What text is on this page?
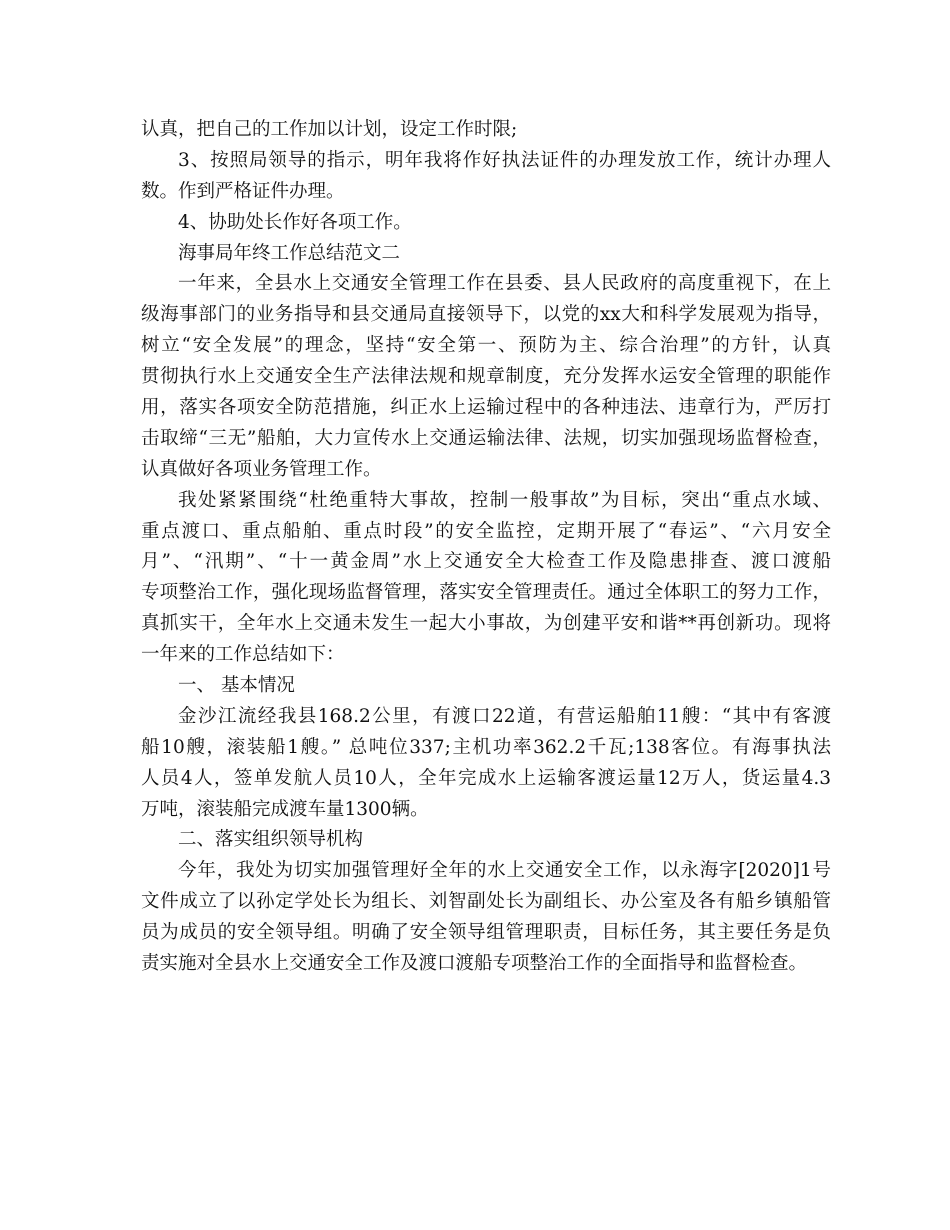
认真，把自己的工作加以计划，设定工作时限;
3、按照局领导的指示，明年我将作好执法证件的办理发放工作，统计办理人
数。作到严格证件办理。
4、协助处长作好各项工作。
海事局年终工作总结范文二
一年来，全县水上交通安全管理工作在县委、县人民政府的高度重视下，在上
级海事部门的业务指导和县交通局直接领导下，以党的xx大和科学发展观为指导，
树立“安全发展”的理念，坚持“安全第一、预防为主、综合治理”的方针，认真
贯彻执行水上交通安全生产法律法规和规章制度，充分发挥水运安全管理的职能作
用，落实各项安全防范措施，纠正水上运输过程中的各种违法、违章行为，严厉打
击取缔“三无”船舶，大力宣传水上交通运输法律、法规，切实加强现场监督检查，
认真做好各项业务管理工作。
我处紧紧围绕“杜绝重特大事故，控制一般事故”为目标，突出“重点水域、
重点渡口、重点船舶、重点时段”的安全监控，定期开展了“春运”、“六月安全
月”、“汛期”、“十一黄金周”水上交通安全大检查工作及隐患排查、渡口渡船
专项整治工作，强化现场监督管理，落实安全管理责任。通过全体职工的努力工作，
真抓实干，全年水上交通未发生一起大小事故，为创建平安和谐**再创新功。现将
一年来的工作总结如下：
一、 基本情况
金沙江流经我县168.2公里，有渡口22道，有营运船舶11艘：“其中有客渡
船10艘，滚装船1艘。” 总吨位337;主机功率362.2千瓦;138客位。有海事执法
人员4人，签单发航人员10人，全年完成水上运输客渡运量12万人，货运量4.3
万吨，滚装船完成渡车量1300辆。
二、落实组织领导机构
今年，我处为切实加强管理好全年的水上交通安全工作，以永海字[2020]1号
文件成立了以孙定学处长为组长、刘智副处长为副组长、办公室及各有船乡镇船管
员为成员的安全领导组。明确了安全领导组管理职责，目标任务，其主要任务是负
责实施对全县水上交通安全工作及渡口渡船专项整治工作的全面指导和监督检查。
